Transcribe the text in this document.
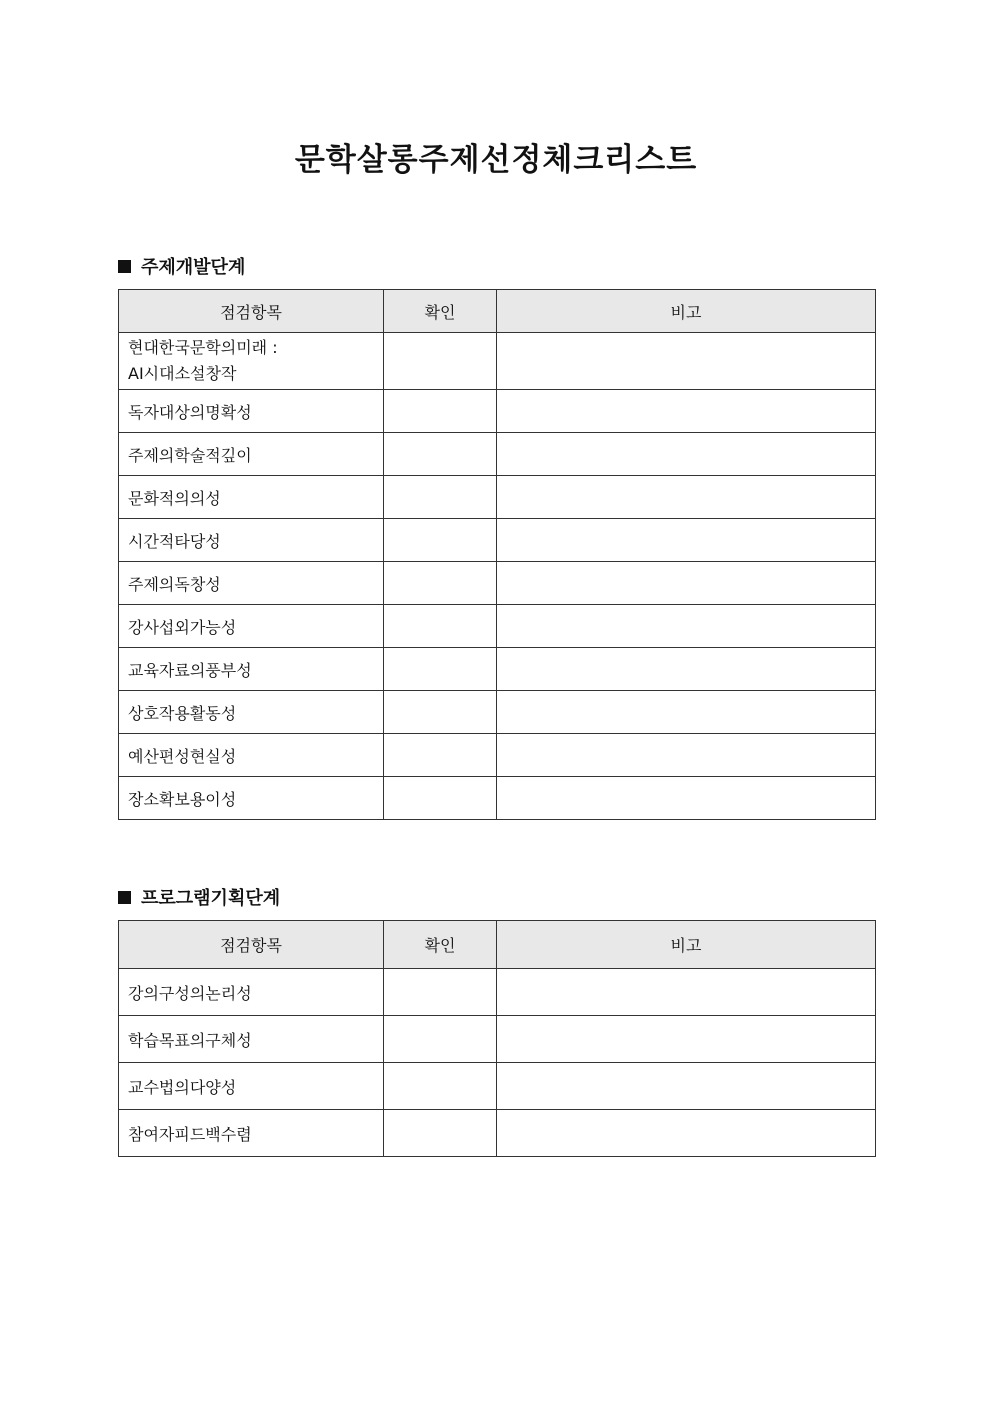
문학살롱주제선정체크리스트
주제개발단계
점검항목	확인	비고

현대한국문학의미래 :
AI시대소설창작		

독자대상의명확성		
주제의학술적깊이		
문화적의의성		
시간적타당성		
주제의독창성		
강사섭외가능성		
교육자료의풍부성		
상호작용활동성		
예산편성현실성		
장소확보용이성		
프로그램기획단계
점검항목	확인	비고
강의구성의논리성		
학습목표의구체성		
교수법의다양성		
참여자피드백수렴		
